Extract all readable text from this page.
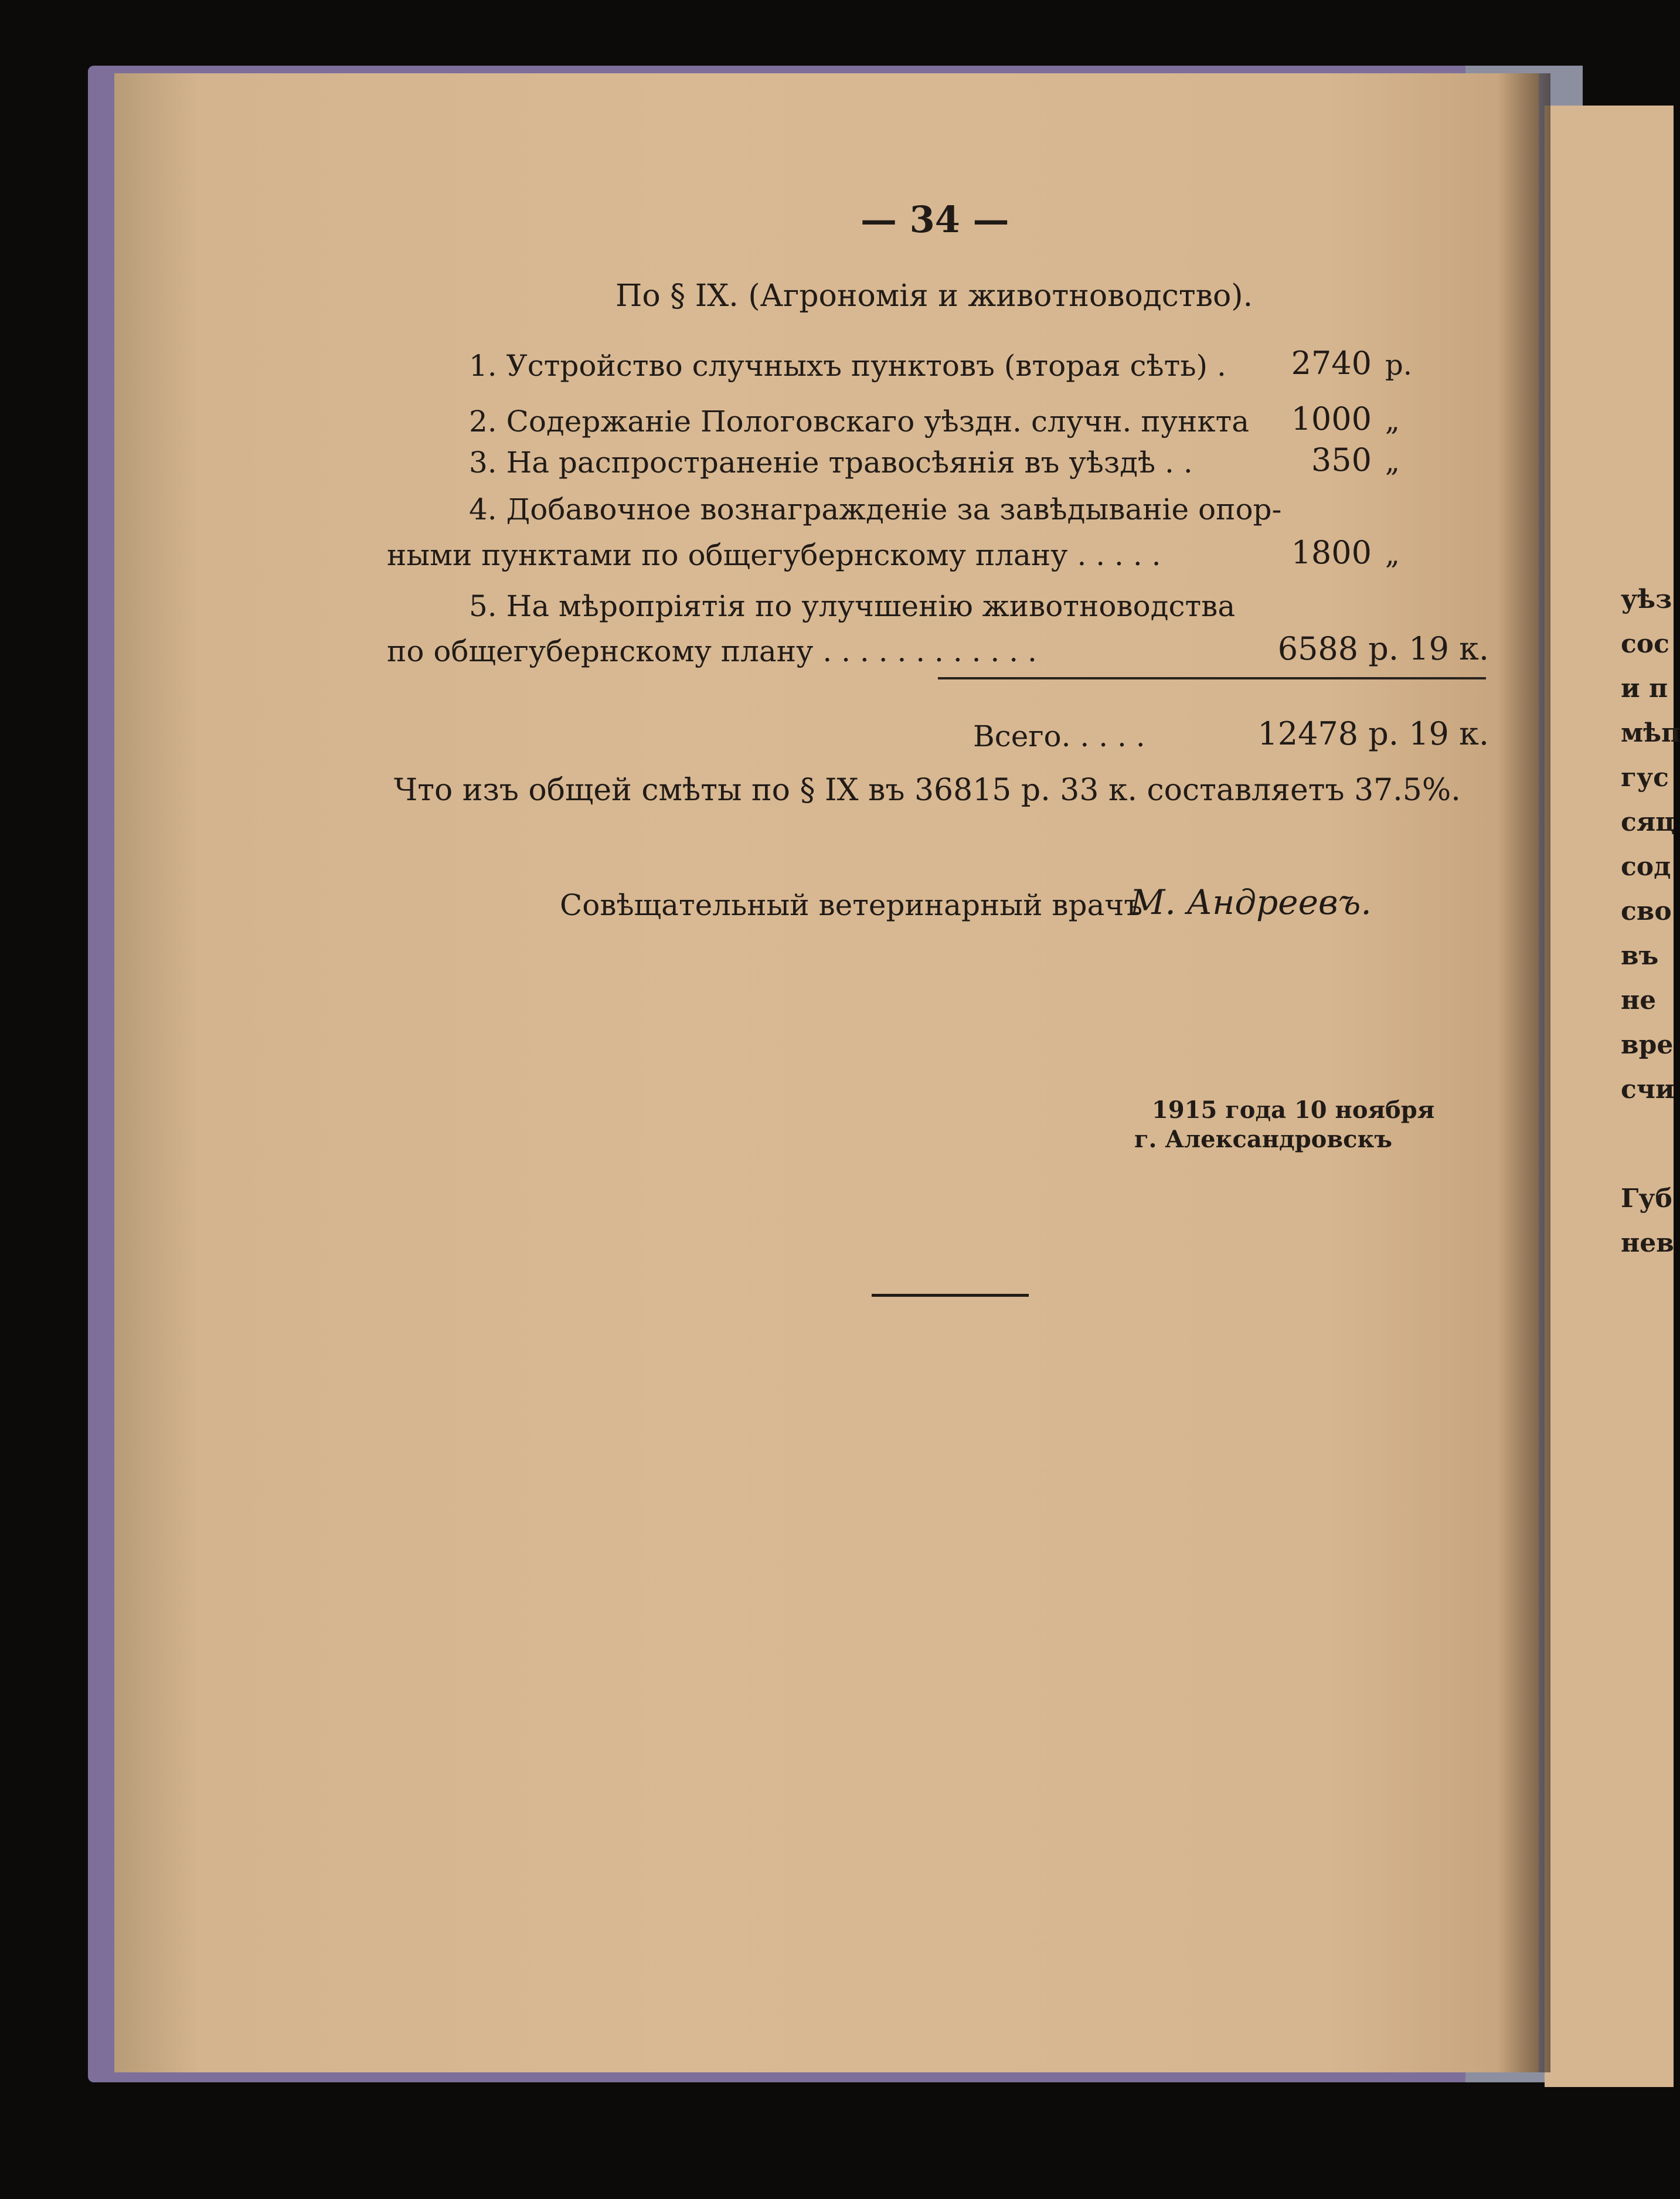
уѣз
сос
и п
мѣп
гус
сяц
сод
сво
въ
не
вре
счи
Губ
нев
— 34 —
По § IX. (Агрономія и животноводство).
1. Устройство случныхъ пунктовъ (вторая сѣть) .	2740 р.
2. Содержаніе Пологовскаго уѣздн. случн. пункта	1000 „
3. На распространеніе травосѣянія въ уѣздѣ . .	350 „
4. Добавочное вознагражденіе за завѣдываніе опор-
ными пунктами по общегубернскому плану . . . . .	1800 „
5. На мѣропріятія по улучшенію животноводства
по общегубернскому плану . . . . . . . . . . . .	6588 р. 19 к.
Всего. . . . .	12478 р. 19 к.
Что изъ общей смѣты по § IX въ 36815 р. 33 к. составляетъ 37.5%.
Совѣщательный ветеринарный врачъ
М. Андреевъ.
1915 года 10 ноября
г. Александровскъ
